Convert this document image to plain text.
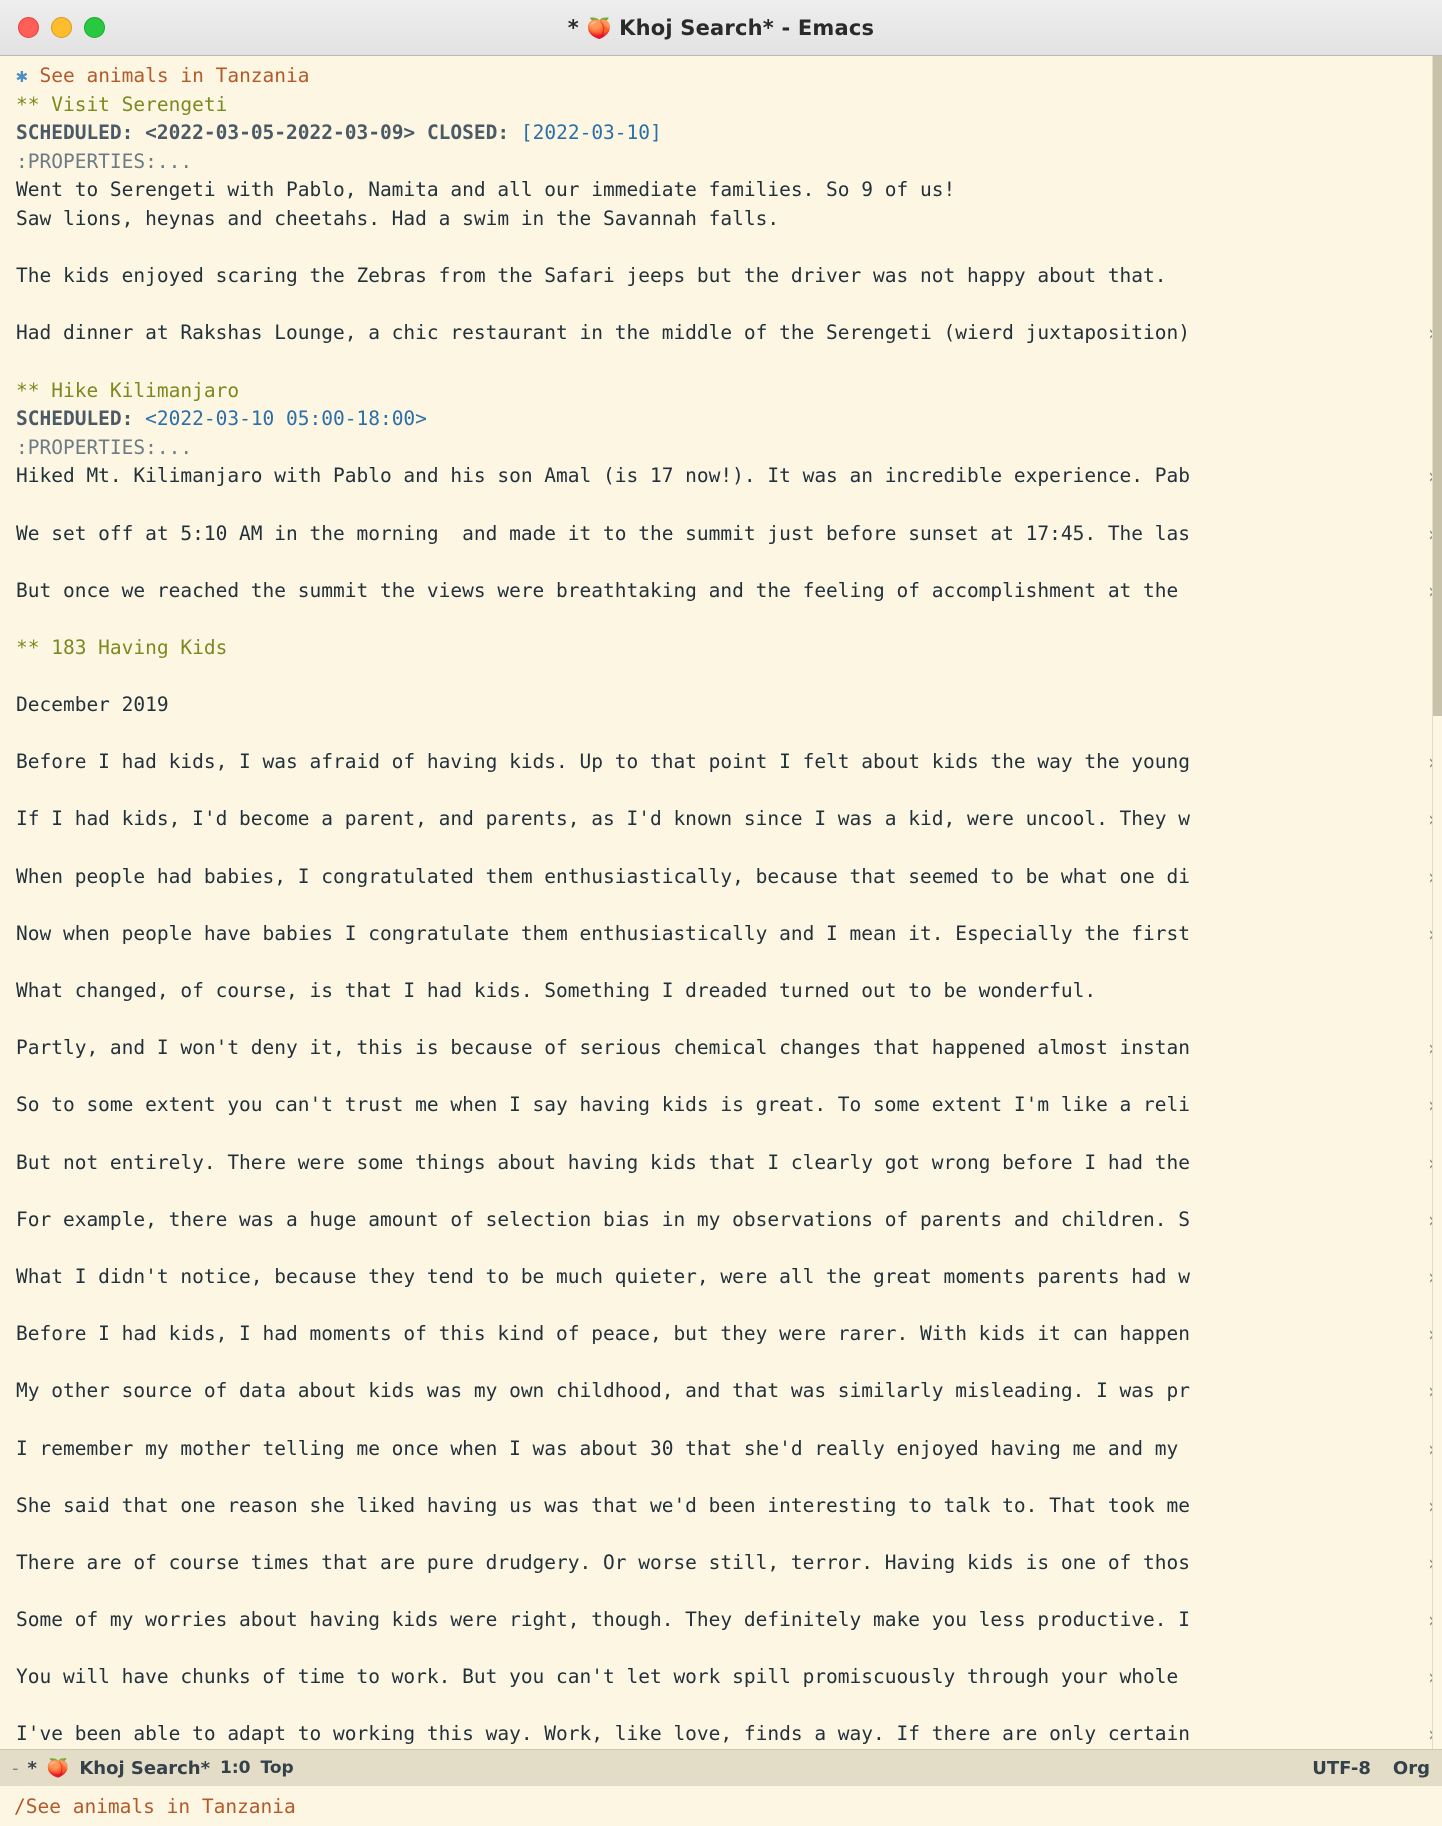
* 🍑 Khoj Search* - Emacs
✱ See animals in Tanzania
** Visit Serengeti
SCHEDULED: <2022-03-05-2022-03-09> CLOSED: [2022-03-10]
:PROPERTIES:...
Went to Serengeti with Pablo, Namita and all our immediate families. So 9 of us!
Saw lions, heynas and cheetahs. Had a swim in the Savannah falls.

The kids enjoyed scaring the Zebras from the Safari jeeps but the driver was not happy about that.

Had dinner at Rakshas Lounge, a chic restaurant in the middle of the Serengeti (wierd juxtaposition) ›

** Hike Kilimanjaro
SCHEDULED: <2022-03-10 05:00-18:00>
:PROPERTIES:...
Hiked Mt. Kilimanjaro with Pablo and his son Amal (is 17 now!). It was an incredible experience. Pab ›

We set off at 5:10 AM in the morning  and made it to the summit just before sunset at 17:45. The las ›

But once we reached the summit the views were breathtaking and the feeling of accomplishment at the  ›

** 183 Having Kids

December 2019

Before I had kids, I was afraid of having kids. Up to that point I felt about kids the way the young ›

If I had kids, I'd become a parent, and parents, as I'd known since I was a kid, were uncool. They w ›

When people had babies, I congratulated them enthusiastically, because that seemed to be what one di ›

Now when people have babies I congratulate them enthusiastically and I mean it. Especially the first ›

What changed, of course, is that I had kids. Something I dreaded turned out to be wonderful.

Partly, and I won't deny it, this is because of serious chemical changes that happened almost instan ›

So to some extent you can't trust me when I say having kids is great. To some extent I'm like a reli ›

But not entirely. There were some things about having kids that I clearly got wrong before I had the ›

For example, there was a huge amount of selection bias in my observations of parents and children. S ›

What I didn't notice, because they tend to be much quieter, were all the great moments parents had w ›

Before I had kids, I had moments of this kind of peace, but they were rarer. With kids it can happen ›

My other source of data about kids was my own childhood, and that was similarly misleading. I was pr ›

I remember my mother telling me once when I was about 30 that she'd really enjoyed having me and my  ›

She said that one reason she liked having us was that we'd been interesting to talk to. That took me ›

There are of course times that are pure drudgery. Or worse still, terror. Having kids is one of thos ›

Some of my worries about having kids were right, though. They definitely make you less productive. I ›

You will have chunks of time to work. But you can't let work spill promiscuously through your whole  ›

I've been able to adapt to working this way. Work, like love, finds a way. If there are only certain ›
- * 🍑 Khoj Search* 1:0 Top	UTF-8 Org
/See animals in Tanzania
